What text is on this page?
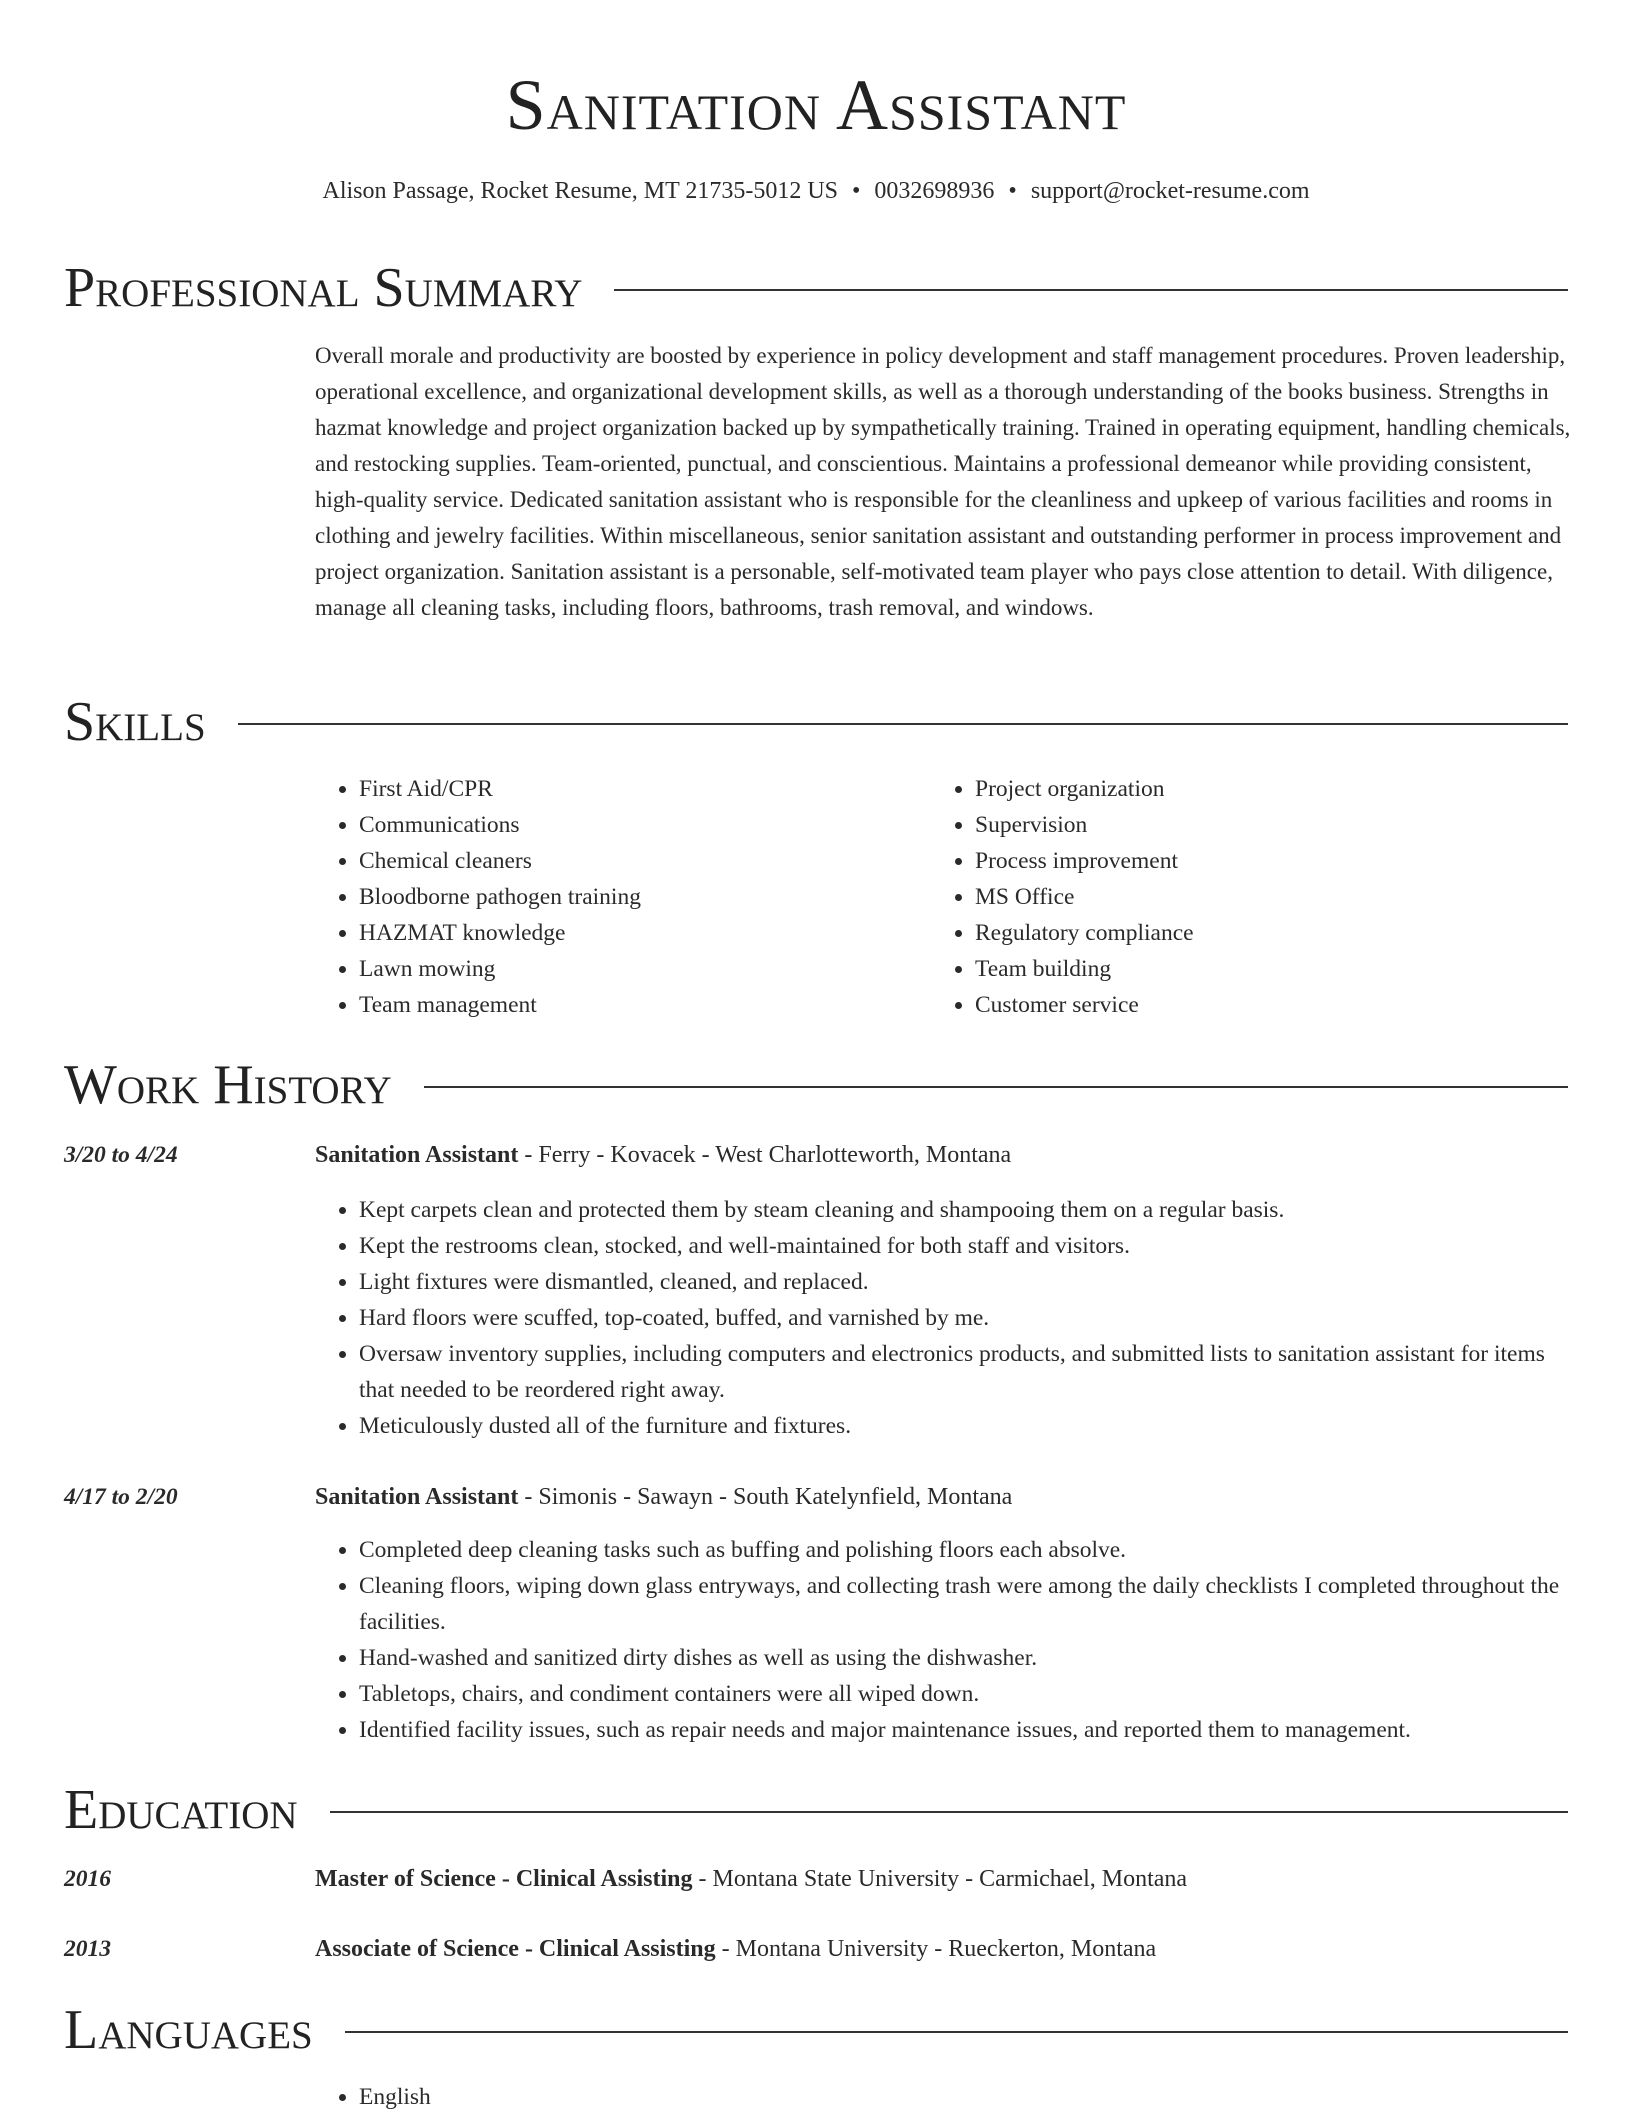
Sanitation Assistant
Alison Passage, Rocket Resume, MT 21735-5012 US • 0032698936 • support@rocket-resume.com
Professional Summary
Overall morale and productivity are boosted by experience in policy development and staff management procedures. Proven leadership, operational excellence, and organizational development skills, as well as a thorough understanding of the books business. Strengths in hazmat knowledge and project organization backed up by sympathetically training. Trained in operating equipment, handling chemicals, and restocking supplies. Team-oriented, punctual, and conscientious. Maintains a professional demeanor while providing consistent, high-quality service. Dedicated sanitation assistant who is responsible for the cleanliness and upkeep of various facilities and rooms in clothing and jewelry facilities. Within miscellaneous, senior sanitation assistant and outstanding performer in process improvement and project organization. Sanitation assistant is a personable, self-motivated team player who pays close attention to detail. With diligence, manage all cleaning tasks, including floors, bathrooms, trash removal, and windows.
Skills
• First Aid/CPR
• Communications
• Chemical cleaners
• Bloodborne pathogen training
• HAZMAT knowledge
• Lawn mowing
• Team management
• Project organization
• Supervision
• Process improvement
• MS Office
• Regulatory compliance
• Team building
• Customer service
Work History
3/20 to 4/24	Sanitation Assistant - Ferry - Kovacek - West Charlotteworth, Montana
• Kept carpets clean and protected them by steam cleaning and shampooing them on a regular basis.
• Kept the restrooms clean, stocked, and well-maintained for both staff and visitors.
• Light fixtures were dismantled, cleaned, and replaced.
• Hard floors were scuffed, top-coated, buffed, and varnished by me.
• Oversaw inventory supplies, including computers and electronics products, and submitted lists to sanitation assistant for items that needed to be reordered right away.
• Meticulously dusted all of the furniture and fixtures.
4/17 to 2/20	Sanitation Assistant - Simonis - Sawayn - South Katelynfield, Montana
• Completed deep cleaning tasks such as buffing and polishing floors each absolve.
• Cleaning floors, wiping down glass entryways, and collecting trash were among the daily checklists I completed throughout the facilities.
• Hand-washed and sanitized dirty dishes as well as using the dishwasher.
• Tabletops, chairs, and condiment containers were all wiped down.
• Identified facility issues, such as repair needs and major maintenance issues, and reported them to management.
Education
2016	Master of Science - Clinical Assisting - Montana State University - Carmichael, Montana
2013	Associate of Science - Clinical Assisting - Montana University - Rueckerton, Montana
Languages
• English
